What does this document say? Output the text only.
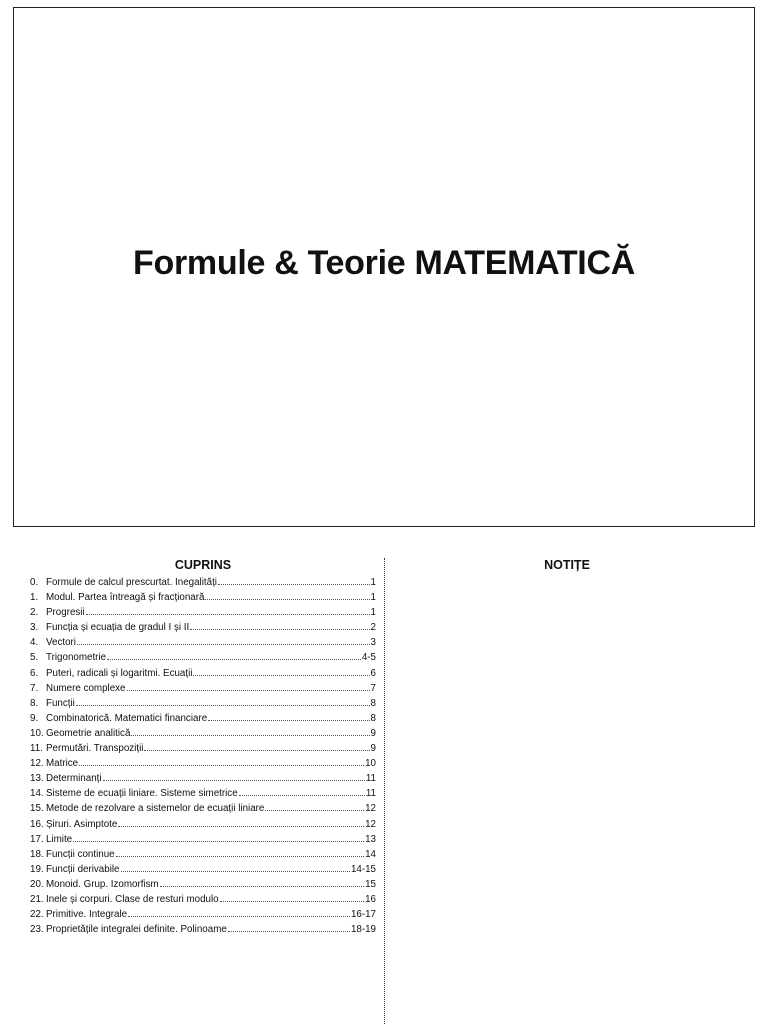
Formule & Teorie MATEMATICĂ
CUPRINS
0. Formule de calcul prescurtat. Inegalități	1
1. Modul. Partea întreagă și fracționară	1
2. Progresii	1
3. Funcția și ecuația de gradul I și II	2
4. Vectori	3
5. Trigonometrie	4-5
6. Puteri, radicali și logaritmi. Ecuații	6
7. Numere complexe	7
8. Funcții	8
9. Combinatorică. Matematici financiare	8
10. Geometrie analitică	9
11. Permutări. Transpoziții	9
12. Matrice	10
13. Determinanți	11
14. Sisteme de ecuații liniare. Sisteme simetrice	11
15. Metode de rezolvare a sistemelor de ecuații liniare	12
16. Șiruri. Asimptote	12
17. Limite	13
18. Funcții continue	14
19. Funcții derivabile	14-15
20. Monoid. Grup. Izomorfism	15
21. Inele și corpuri. Clase de resturi modulo	16
22. Primitive. Integrale	16-17
23. Proprietățile integralei definite. Polinoame	18-19
NOTIȚE
